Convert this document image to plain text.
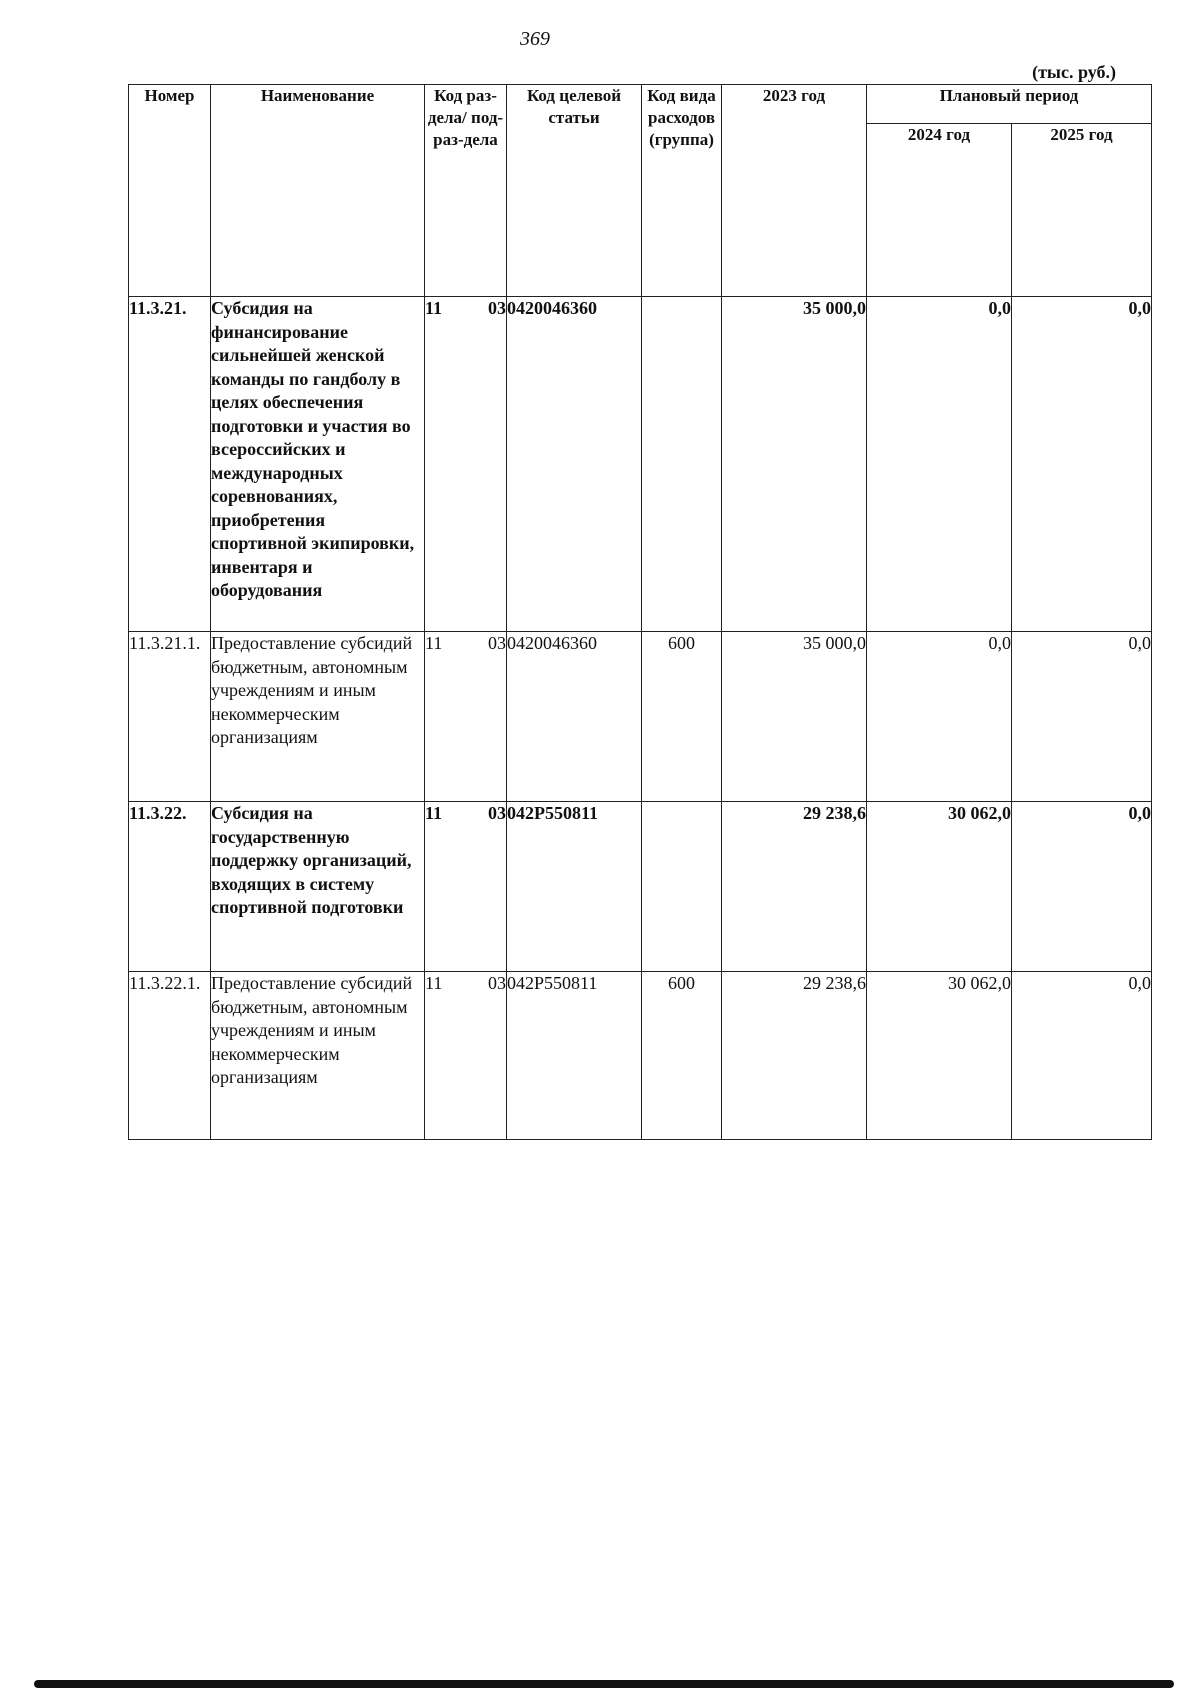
369
(тыс. руб.)
Номер	Наименование	Код раз-дела/ под-раз-дела	Код целевой статьи	Код вида расходов (группа)	2023 год	Плановый период	
						2024 год	2025 год
11.3.21.	Субсидия на финансирование сильнейшей женской команды по гандболу в целях обеспечения подготовки и участия во всероссийских и международных соревнованиях, приобретения спортивной экипировки, инвентаря и оборудования	11 03	0420046360		35 000,0	0,0	0,0
11.3.21.1.	Предоставление субсидий бюджетным, автономным учреждениям и иным некоммерческим организациям	11 03	0420046360	600	35 000,0	0,0	0,0
11.3.22.	Субсидия на государственную поддержку организаций, входящих в систему спортивной подготовки	11 03	042P550811		29 238,6	30 062,0	0,0
11.3.22.1.	Предоставление субсидий бюджетным, автономным учреждениям и иным некоммерческим организациям	11 03	042P550811	600	29 238,6	30 062,0	0,0
